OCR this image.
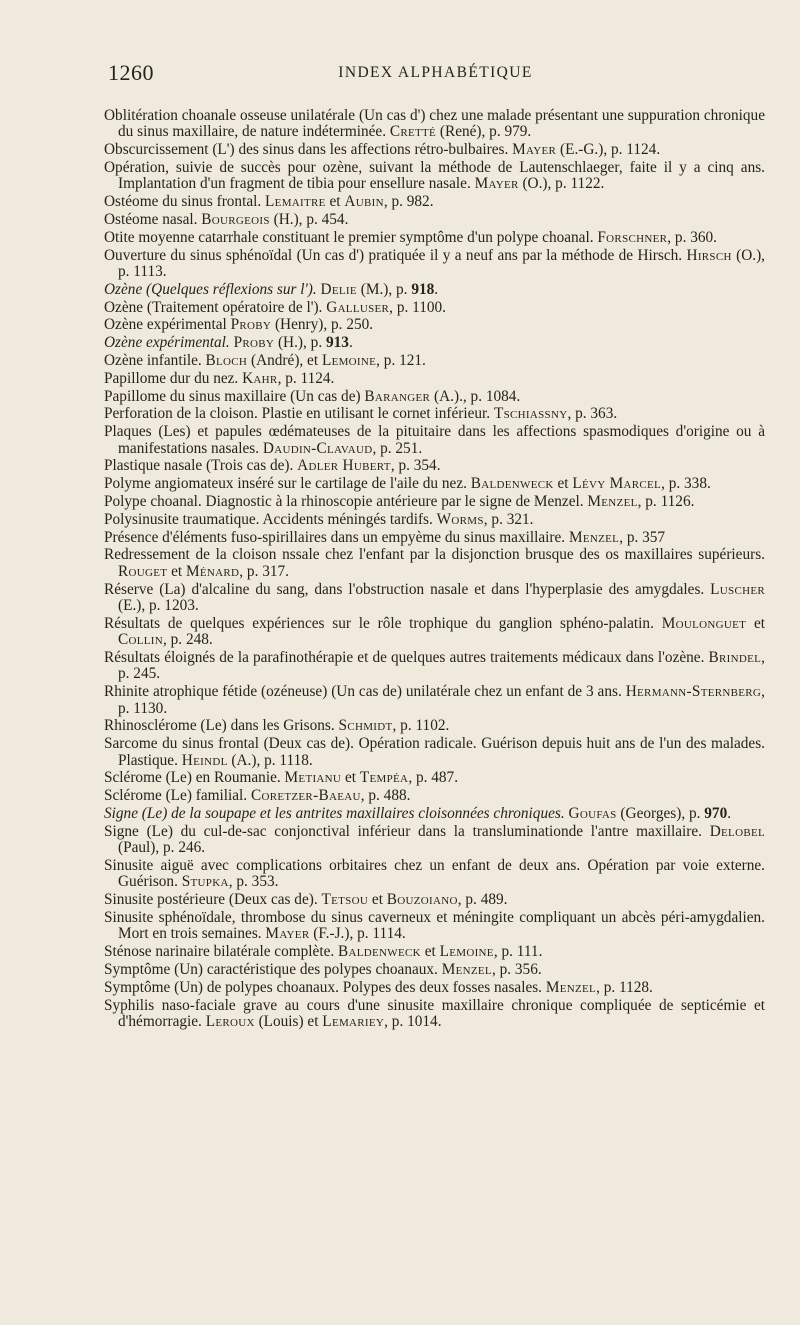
1260	INDEX ALPHABÉTIQUE
Oblitération choanale osseuse unilatérale (Un cas d') chez une malade présentant une suppuration chronique du sinus maxillaire, de nature indéterminée. Cretté (René), p. 979.
Obscurcissement (L') des sinus dans les affections rétro-bulbaires. Mayer (E.-G.), p. 1124.
Opération, suivie de succès pour ozène, suivant la méthode de Lautenschlaeger, faite il y a cinq ans. Implantation d'un fragment de tibia pour ensellure nasale. Mayer (O.), p. 1122.
Ostéome du sinus frontal. Lemaitre et Aubin, p. 982.
Ostéome nasal. Bourgeois (H.), p. 454.
Otite moyenne catarrhale constituant le premier symptôme d'un polype choanal. Forschner, p. 360.
Ouverture du sinus sphénoïdal (Un cas d') pratiquée il y a neuf ans par la méthode de Hirsch. Hirsch (O.), p. 1113.
Ozène (Quelques réflexions sur l'). Delie (M.), p. 918.
Ozène (Traitement opératoire de l'). Galluser, p. 1100.
Ozène expérimental Proby (Henry), p. 250.
Ozène expérimental. Proby (H.), p. 913.
Ozène infantile. Bloch (André), et Lemoine, p. 121.
Papillome dur du nez. Kahr, p. 1124.
Papillome du sinus maxillaire (Un cas de) Baranger (A.)., p. 1084.
Perforation de la cloison. Plastie en utilisant le cornet inférieur. Tschiassny, p. 363.
Plaques (Les) et papules œdémateuses de la pituitaire dans les affections spasmodiques d'origine ou à manifestations nasales. Daudin-Clavaud, p. 251.
Plastique nasale (Trois cas de). Adler Hubert, p. 354.
Polyme angiomateux inséré sur le cartilage de l'aile du nez. Baldenweck et Lévy Marcel, p. 338.
Polype choanal. Diagnostic à la rhinoscopie antérieure par le signe de Menzel. Menzel, p. 1126.
Polysinusite traumatique. Accidents méningés tardifs. Worms, p. 321.
Présence d'éléments fuso-spirillaires dans un empyème du sinus maxillaire. Menzel, p. 357
Redressement de la cloison nssale chez l'enfant par la disjonction brusque des os maxillaires supérieurs. Rouget et Ménard, p. 317.
Réserve (La) d'alcaline du sang, dans l'obstruction nasale et dans l'hyperplasie des amygdales. Luscher (E.), p. 1203.
Résultats de quelques expériences sur le rôle trophique du ganglion sphéno-palatin. Moulonguet et Collin, p. 248.
Résultats éloignés de la parafinothérapie et de quelques autres traitements médicaux dans l'ozène. Brindel, p. 245.
Rhinite atrophique fétide (ozéneuse) (Un cas de) unilatérale chez un enfant de 3 ans. Hermann-Sternberg, p. 1130.
Rhinosclérome (Le) dans les Grisons. Schmidt, p. 1102.
Sarcome du sinus frontal (Deux cas de). Opération radicale. Guérison depuis huit ans de l'un des malades. Plastique. Heindl (A.), p. 1118.
Sclérome (Le) en Roumanie. Metianu et Tempéa, p. 487.
Sclérome (Le) familial. Coretzer-Baeau, p. 488.
Signe (Le) de la soupape et les antrites maxillaires cloisonnées chroniques. Goufas (Georges), p. 970.
Signe (Le) du cul-de-sac conjonctival inférieur dans la transluminationde l'antre maxillaire. Delobel (Paul), p. 246.
Sinusite aiguë avec complications orbitaires chez un enfant de deux ans. Opération par voie externe. Guérison. Stupka, p. 353.
Sinusite postérieure (Deux cas de). Tetsou et Bouzoiano, p. 489.
Sinusite sphénoïdale, thrombose du sinus caverneux et méningite compliquant un abcès péri-amygdalien. Mort en trois semaines. Mayer (F.-J.), p. 1114.
Sténose narinaire bilatérale complète. Baldenweck et Lemoine, p. 111.
Symptôme (Un) caractéristique des polypes choanaux. Menzel, p. 356.
Symptôme (Un) de polypes choanaux. Polypes des deux fosses nasales. Menzel, p. 1128.
Syphilis naso-faciale grave au cours d'une sinusite maxillaire chronique compliquée de septicémie et d'hémorragie. Leroux (Louis) et Lemariey, p. 1014.
